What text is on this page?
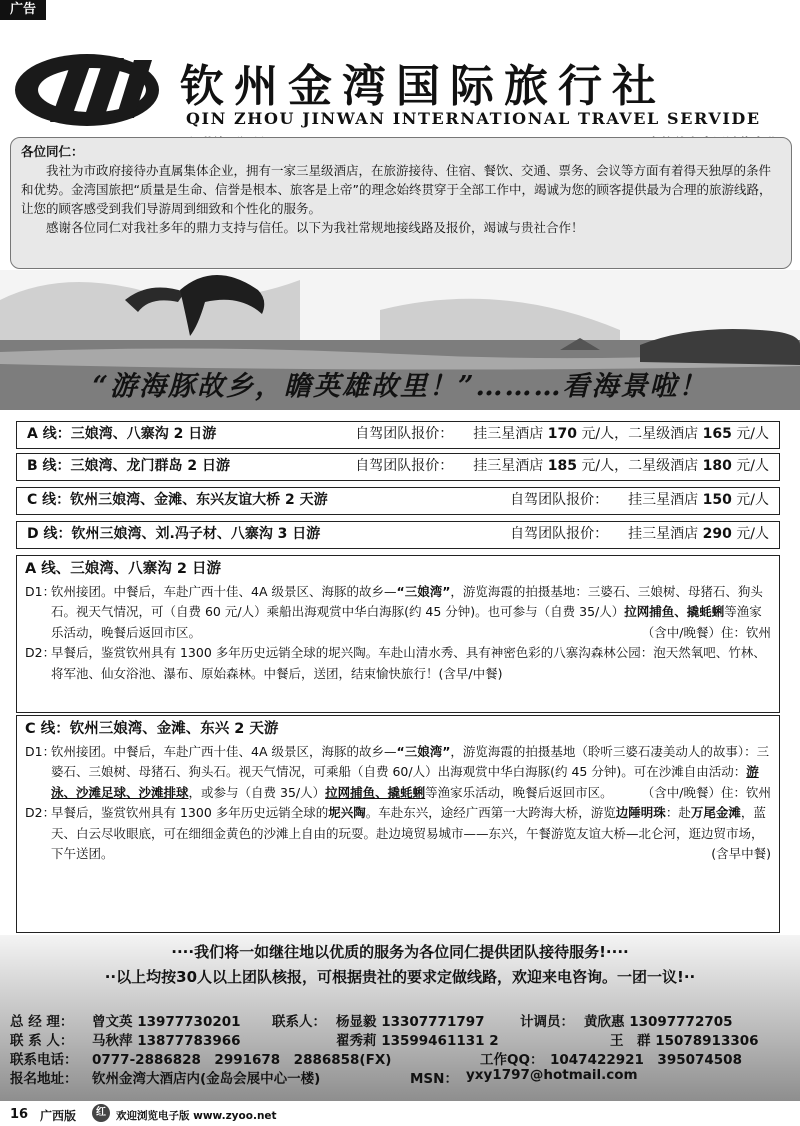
广告
钦州金湾国际旅行社
QIN ZHOU JINWAN INTERNATIONAL TRAVEL SERVIDE

各位同仁：

我社为市政府接待办直属集体企业，拥有一家三星级酒店，在旅游接待、住宿、餐饮、交通、票务、会议等方面有着得天独厚的条件和优势。金湾国旅把“质量是生命、信誉是根本、旅客是上帝”的理念始终贯穿于全部工作中，竭诚为您的顾客提供最为合理的旅游线路，让您的顾客感受到我们导游周到细致和个性化的服务。

感谢各位同仁对我社多年的鼎力支持与信任。以下为我社常规地接线路及报价，竭诚与贵社合作！

“游海豚故乡，瞻英雄故里！”………看海景啦！
A 线：三娘湾、八寨沟 2 日游	自驾团队报价： 挂三星酒店 170 元/人，二星级酒店 165 元/人
B 线：三娘湾、龙门群岛 2 日游	自驾团队报价： 挂三星酒店 185 元/人，二星级酒店 180 元/人
C 线：钦州三娘湾、金滩、东兴友谊大桥 2 天游	自驾团队报价： 挂三星酒店 150 元/人
D 线：钦州三娘湾、刘.冯子材、八寨沟 3 日游	自驾团队报价： 挂三星酒店 290 元/人
A 线、三娘湾、八寨沟 2 日游
D1：
钦州接团。中餐后，车赴广西十佳、4A 级景区、海豚的故乡—“三娘湾”，游览海霞的拍摄基地：三婆石、三娘树、母猪石、狗头石。视天气情况，可（自费 60 元/人）乘船出海观赏中华白海豚(约 45 分钟)。也可参与（自费 35/人）拉网捕鱼、撬蚝蜊等渔家乐活动，晚餐后返回市区。	（含中/晚餐）住：钦州
D2：
早餐后，鉴赏钦州具有 1300 多年历史远销全球的坭兴陶。车赴山清水秀、具有神密色彩的八寨沟森林公园：泡天然氧吧、竹林、将军池、仙女浴池、瀑布、原始森林。中餐后，送团，结束愉快旅行！(含早/中餐)
C 线：钦州三娘湾、金滩、东兴 2 天游
D1：
钦州接团。中餐后，车赴广西十佳、4A 级景区，海豚的故乡—“三娘湾”，游览海霞的拍摄基地（聆听三婆石凄美动人的故事）：三婆石、三娘树、母猪石、狗头石。视天气情况，可乘船（自费 60/人）出海观赏中华白海豚(约 45 分钟)。可在沙滩自由活动：游泳、沙滩足球、沙滩排球，或参与（自费 35/人）拉网捕鱼、撬蚝蜊等渔家乐活动，晚餐后返回市区。 （含中/晚餐）住：钦州
D2：
早餐后，鉴赏钦州具有 1300 多年历史远销全球的坭兴陶。车赴东兴，途经广西第一大跨海大桥，游览边陲明珠：赴万尾金滩，蓝天、白云尽收眼底，可在细细金黄色的沙滩上自由的玩耍。赴边境贸易城市——东兴，午餐游览友谊大桥—北仑河，逛边贸市场，下午送团。	(含早中餐)
····我们将一如继往地以优质的服务为各位同仁提供团队接待服务!····
··以上均按30人以上团队核报，可根据贵社的要求定做线路，欢迎来电咨询。一团一议!··
总 经 理： 曾文英 13977730201 联系人： 杨显毅 13307771797	计调员： 黄欣惠 13097772705
联 系 人： 马秋萍 13877783966	翟秀莉 13599461131 2	王　群 15078913306
联系电话： 0777-2886828　2991678　2886858(FX)	工作QQ： 1047422921　395074508
报名地址： 钦州金湾大酒店内(金岛会展中心一楼)	MSN： yxy1797@hotmail.com
16 广西版	红 欢迎浏览电子版 www.zyoo.net
